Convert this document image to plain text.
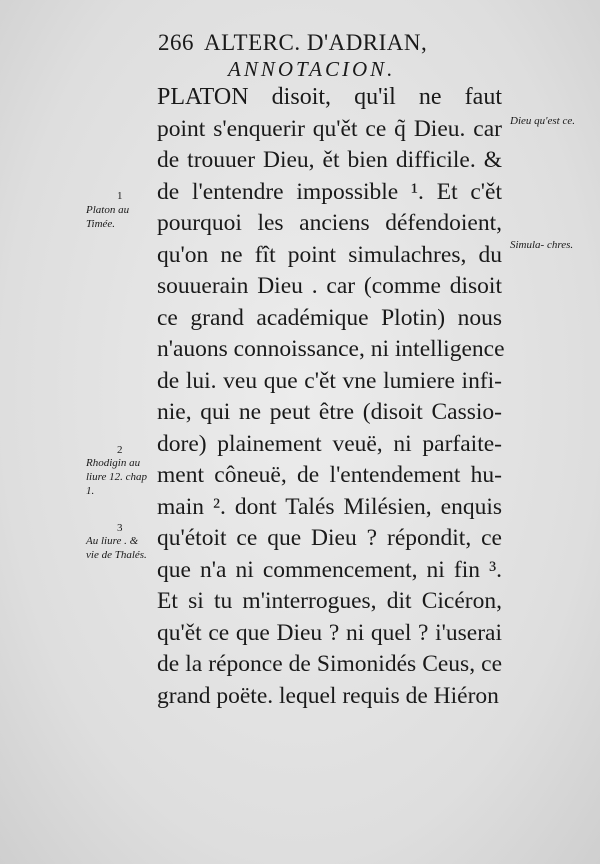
266 ALTERC. D'ADRIAN,
ANNOTACION.
PLATON disoit, qu'il ne faut
point s'enquerir qu'ět ce q̃ Dieu. car
de trouuer Dieu, ět bien difficile. &
de l'entendre impossible ¹. Et c'ět
pourquoi les anciens défendoient,
qu'on ne fît point simulachres, du
souuerain Dieu . car (comme disoit
ce grand académique Plotin) nous
n'auons connoissance, ni intelligence
de lui. veu que c'ět vne lumiere infi-
nie, qui ne peut être (disoit Cassio-
dore) plainement veuë, ni parfaite-
ment côneuë, de l'entendement hu-
main ². dont Talés Milésien, enquis
qu'étoit ce que Dieu ? répondit, ce
que n'a ni commencement, ni fin ³.
Et si tu m'interrogues, dit Cicéron,
qu'ět ce que Dieu ? ni quel ? i'userai
de la réponce de Simonidés Ceus, ce
grand poëte. lequel requis de Hiéron
Dieu qu'est ce.
Simula- chres.
1
Platon au Timée.
2
Rhodigin au liure 12. chap 1.
3
Au liure . & vie de Thalés.
